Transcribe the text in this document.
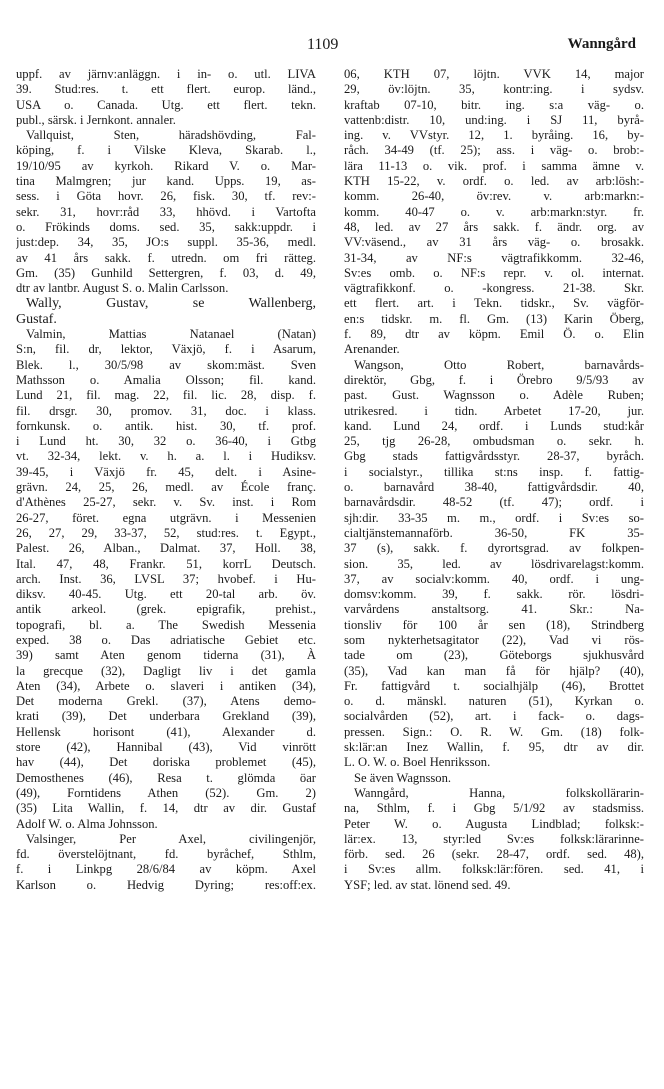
1109	Wanngård
uppf. av järnv:anläggn. i in- o. utl. LIVA
39. Stud:res. t. ett flert. europ. länd.,
USA o. Canada. Utg. ett flert. tekn.
publ., särsk. i Jernkont. annaler.
Vallquist, Sten, häradshövding, Fal-
köping, f. i Vilske Kleva, Skarab. l.,
19/10/95 av kyrkoh. Rikard V. o. Mar-
tina Malmgren; jur kand. Upps. 19, as-
sess. i Göta hovr. 26, fisk. 30, tf. rev:-
sekr. 31, hovr:råd 33, hhövd. i Vartofta
o. Frökinds doms. sed. 35, sakk:uppdr. i
just:dep. 34, 35, JO:s suppl. 35-36, medl.
av 41 års sakk. f. utredn. om fri rätteg.
Gm. (35) Gunhild Settergren, f. 03, d. 49,
dtr av lantbr. August S. o. Malin Carlsson.
Wally, Gustav, se Wallenberg,
Gustaf.
Valmin, Mattias Natanael (Natan)
S:n, fil. dr, lektor, Växjö, f. i Asarum,
Blek. l., 30/5/98 av skom:mäst. Sven
Mathsson o. Amalia Olsson; fil. kand.
Lund 21, fil. mag. 22, fil. lic. 28, disp. f.
fil. drsgr. 30, promov. 31, doc. i klass.
fornkunsk. o. antik. hist. 30, tf. prof.
i Lund ht. 30, 32 o. 36-40, i Gtbg
vt. 32-34, lekt. v. h. a. l. i Hudiksv.
39-45, i Växjö fr. 45, delt. i Asine-
grävn. 24, 25, 26, medl. av École franç.
d'Athènes 25-27, sekr. v. Sv. inst. i Rom
26-27, föret. egna utgrävn. i Messenien
26, 27, 29, 33-37, 52, stud:res. t. Egypt.,
Palest. 26, Alban., Dalmat. 37, Holl. 38,
Ital. 47, 48, Frankr. 51, korrL Deutsch.
arch. Inst. 36, LVSL 37; hvobef. i Hu-
diksv. 40-45. Utg. ett 20-tal arb. öv.
antik arkeol. (grek. epigrafik, prehist.,
topografi, bl. a. The Swedish Messenia
exped. 38 o. Das adriatische Gebiet etc.
39) samt Aten genom tiderna (31), À
la grecque (32), Dagligt liv i det gamla
Aten (34), Arbete o. slaveri i antiken (34),
Det moderna Grekl. (37), Atens demo-
krati (39), Det underbara Grekland (39),
Hellensk horisont (41), Alexander d.
store (42), Hannibal (43), Vid vinrött
hav (44), Det doriska problemet (45),
Demosthenes (46), Resa t. glömda öar
(49), Forntidens Athen (52). Gm. 2)
(35) Lita Wallin, f. 14, dtr av dir. Gustaf
Adolf W. o. Alma Johnsson.
Valsinger, Per Axel, civilingenjör,
fd. överstelöjtnant, fd. byråchef, Sthlm,
f. i Linkpg 28/6/84 av köpm. Axel
Karlson o. Hedvig Dyring; res:off:ex.
06, KTH 07, löjtn. VVK 14, major
29, öv:löjtn. 35, kontr:ing. i sydsv.
kraftab 07-10, bitr. ing. s:a väg- o.
vattenb:distr. 10, und:ing. i SJ 11, byrå-
ing. v. VVstyr. 12, 1. byråing. 16, by-
råch. 34-49 (tf. 25); ass. i väg- o. brob:-
lära 11-13 o. vik. prof. i samma ämne v.
KTH 15-22, v. ordf. o. led. av arb:lösh:-
komm. 26-40, öv:rev. v. arb:markn:-
komm. 40-47 o. v. arb:markn:styr. fr.
48, led. av 27 års sakk. f. ändr. org. av
VV:väsend., av 31 års väg- o. brosakk.
31-34, av NF:s vägtrafikkomm. 32-46,
Sv:es omb. o. NF:s repr. v. ol. internat.
vägtrafikkonf. o. -kongress. 21-38. Skr.
ett flert. art. i Tekn. tidskr., Sv. vägför-
en:s tidskr. m. fl. Gm. (13) Karin Öberg,
f. 89, dtr av köpm. Emil Ö. o. Elin
Arenander.
Wangson, Otto Robert, barnavårds-
direktör, Gbg, f. i Örebro 9/5/93 av
past. Gust. Wagnsson o. Adèle Ruben;
utrikesred. i tidn. Arbetet 17-20, jur.
kand. Lund 24, ordf. i Lunds stud:kår
25, tjg 26-28, ombudsman o. sekr. h.
Gbg stads fattigvårdsstyr. 28-37, byråch.
i socialstyr., tillika st:ns insp. f. fattig-
o. barnavård 38-40, fattigvårdsdir. 40,
barnavårdsdir. 48-52 (tf. 47); ordf. i
sjh:dir. 33-35 m. m., ordf. i Sv:es so-
cialtjänstemannaförb. 36-50, FK 35-
37 (s), sakk. f. dyrortsgrad. av folkpen-
sion. 35, led. av lösdrivarelagst:komm.
37, av socialv:komm. 40, ordf. i ung-
domsv:komm. 39, f. sakk. rör. lösdri-
varvårdens anstaltsorg. 41. Skr.: Na-
tionsliv för 100 år sen (18), Strindberg
som nykterhetsagitator (22), Vad vi rös-
tade om (23), Göteborgs sjukhusvård
(35), Vad kan man få för hjälp? (40),
Fr. fattigvård t. socialhjälp (46), Brottet
o. d. mänskl. naturen (51), Kyrkan o.
socialvården (52), art. i fack- o. dags-
pressen. Sign.: O. R. W. Gm. (18) folk-
sk:lär:an Inez Wallin, f. 95, dtr av dir.
L. O. W. o. Boel Henriksson.
Se även Wagnsson.
Wanngård, Hanna, folkskollärarin-
na, Sthlm, f. i Gbg 5/1/92 av stadsmiss.
Peter W. o. Augusta Lindblad; folksk:-
lär:ex. 13, styr:led Sv:es folksk:lärarinne-
förb. sed. 26 (sekr. 28-47, ordf. sed. 48),
i Sv:es allm. folksk:lär:fören. sed. 41, i
YSF; led. av stat. lönend sed. 49.
